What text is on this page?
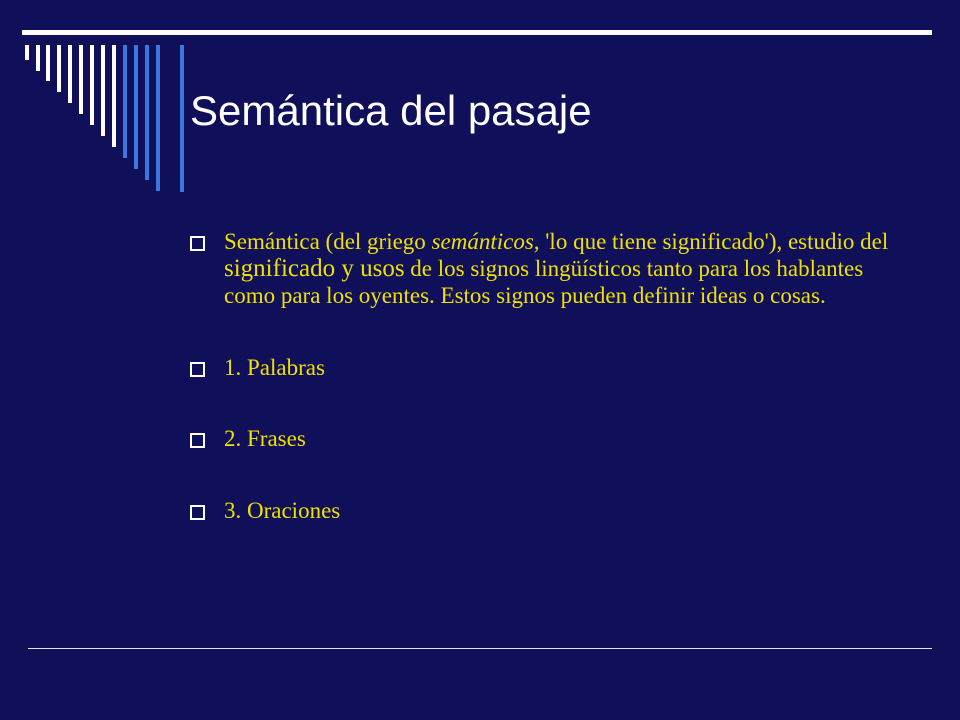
Semántica del pasaje
Semántica (del griego semánticos, 'lo que tiene significado'), estudio del significado y usos de los signos lingüísticos tanto para los hablantes como para los oyentes. Estos signos pueden definir ideas o cosas.
1. Palabras
2. Frases
3. Oraciones
